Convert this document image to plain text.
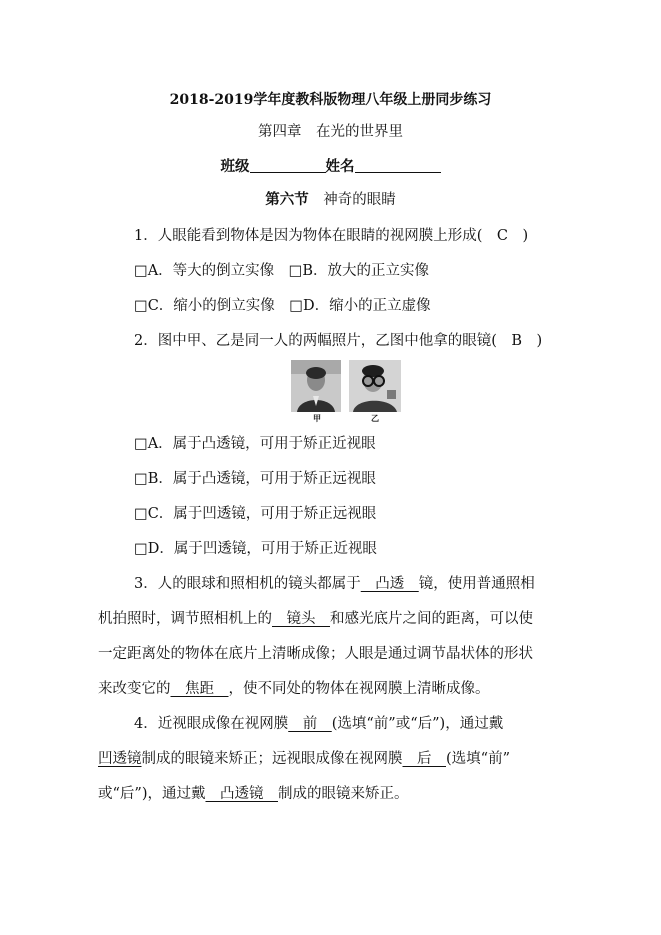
2018-2019学年度教科版物理八年级上册同步练习
第四章　在光的世界里
班级	姓名
第六节　 神奇的眼睛
1．人眼能看到物体是因为物体在眼睛的视网膜上形成(　C　)
□A．等大的倒立实像　□B．放大的正立实像
□C．缩小的倒立实像　□D．缩小的正立虚像
2．图中甲、乙是同一人的两幅照片，乙图中他拿的眼镜(　B　)
甲	乙
□A．属于凸透镜，可用于矫正近视眼
□B．属于凸透镜，可用于矫正远视眼
□C．属于凹透镜，可用于矫正远视眼
□D．属于凹透镜，可用于矫正近视眼
3．人的眼球和照相机的镜头都属于　凸透　镜，使用普通照相
机拍照时，调节照相机上的　镜头　和感光底片之间的距离，可以使
一定距离处的物体在底片上清晰成像；人眼是通过调节晶状体的形状
来改变它的　焦距　，使不同处的物体在视网膜上清晰成像。
4．近视眼成像在视网膜　前　(选填“前”或“后”)，通过戴
凹透镜制成的眼镜来矫正；远视眼成像在视网膜　后　(选填“前”
或“后”)，通过戴　凸透镜　制成的眼镜来矫正。
